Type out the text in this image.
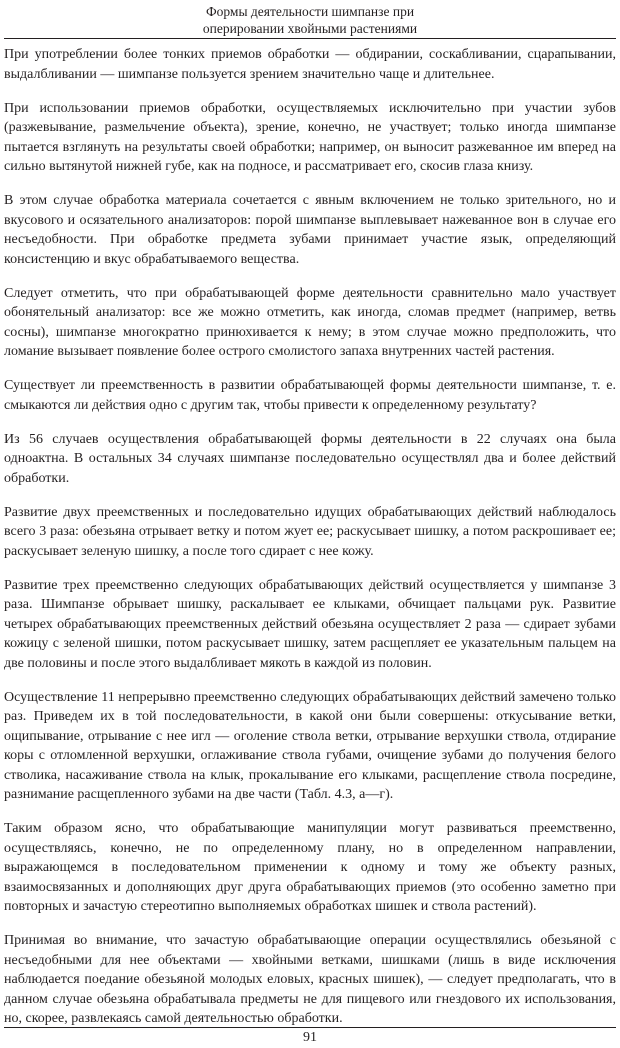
Формы деятельности шимпанзе при
оперировании хвойными растениями

При употреблении более тонких приемов обработки — обдирании, соскабливании, сцарапывании, выдалбливании — шимпанзе пользуется зрением значительно чаще и длительнее.

При использовании приемов обработки, осуществляемых исключительно при участии зубов (разжевывание, размельчение объекта), зрение, конечно, не участвует; только иногда шимпанзе пытается взглянуть на результаты своей обработки; например, он выносит разжеванное им вперед на сильно вытянутой нижней губе, как на подносе, и рассматривает его, скосив глаза книзу.

В этом случае обработка материала сочетается с явным включением не только зрительного, но и вкусового и осязательного анализаторов: порой шимпанзе выплевывает нажеванное вон в случае его несъедобности. При обработке предмета зубами принимает участие язык, определяющий консистенцию и вкус обрабатываемого вещества.

Следует отметить, что при обрабатывающей форме деятельности сравнительно мало участвует обонятельный анализатор: все же можно отметить, как иногда, сломав предмет (например, ветвь сосны), шимпанзе многократно принюхивается к нему; в этом случае можно предположить, что ломание вызывает появление более острого смолистого запаха внутренних частей растения.

Существует ли преемственность в развитии обрабатывающей формы деятельности шимпанзе, т. е. смыкаются ли действия одно с другим так, чтобы привести к определенному результату?

Из 56 случаев осуществления обрабатывающей формы деятельности в 22 случаях она была одноактна. В остальных 34 случаях шимпанзе последовательно осуществлял два и более действий обработки.

Развитие двух преемственных и последовательно идущих обрабатывающих действий наблюдалось всего 3 раза: обезьяна отрывает ветку и потом жует ее; раскусывает шишку, а потом раскрошивает ее; раскусывает зеленую шишку, а после того сдирает с нее кожу.

Развитие трех преемственно следующих обрабатывающих действий осуществляется у шимпанзе 3 раза. Шимпанзе обрывает шишку, раскалывает ее клыками, обчищает пальцами рук. Развитие четырех обрабатывающих преемственных действий обезьяна осуществляет 2 раза — сдирает зубами кожицу с зеленой шишки, потом раскусывает шишку, затем расщепляет ее указательным пальцем на две половины и после этого выдалбливает мякоть в каждой из половин.

Осуществление 11 непрерывно преемственно следующих обрабатывающих действий замечено только раз. Приведем их в той последовательности, в какой они были совершены: откусывание ветки, ощипывание, отрывание с нее игл — оголение ствола ветки, отрывание верхушки ствола, отдирание коры с отломленной верхушки, оглаживание ствола губами, очищение зубами до получения белого стволика, насаживание ствола на клык, прокалывание его клыками, расщепление ствола посредине, разнимание расщепленного зубами на две части (Табл. 4.3, а—г).

Таким образом ясно, что обрабатывающие манипуляции могут развиваться преемственно, осуществляясь, конечно, не по определенному плану, но в определенном направлении, выражающемся в последовательном применении к одному и тому же объекту разных, взаимосвязанных и дополняющих друг друга обрабатывающих приемов (это особенно заметно при повторных и зачастую стереотипно выполняемых обработках шишек и ствола растений).

Принимая во внимание, что зачастую обрабатывающие операции осуществлялись обезьяной с несъедобными для нее объектами — хвойными ветками, шишками (лишь в виде исключения наблюдается поедание обезьяной молодых еловых, красных шишек), — следует предполагать, что в данном случае обезьяна обрабатывала предметы не для пищевого или гнездового их использования, но, скорее, развлекаясь самой деятельностью обработки.

91
